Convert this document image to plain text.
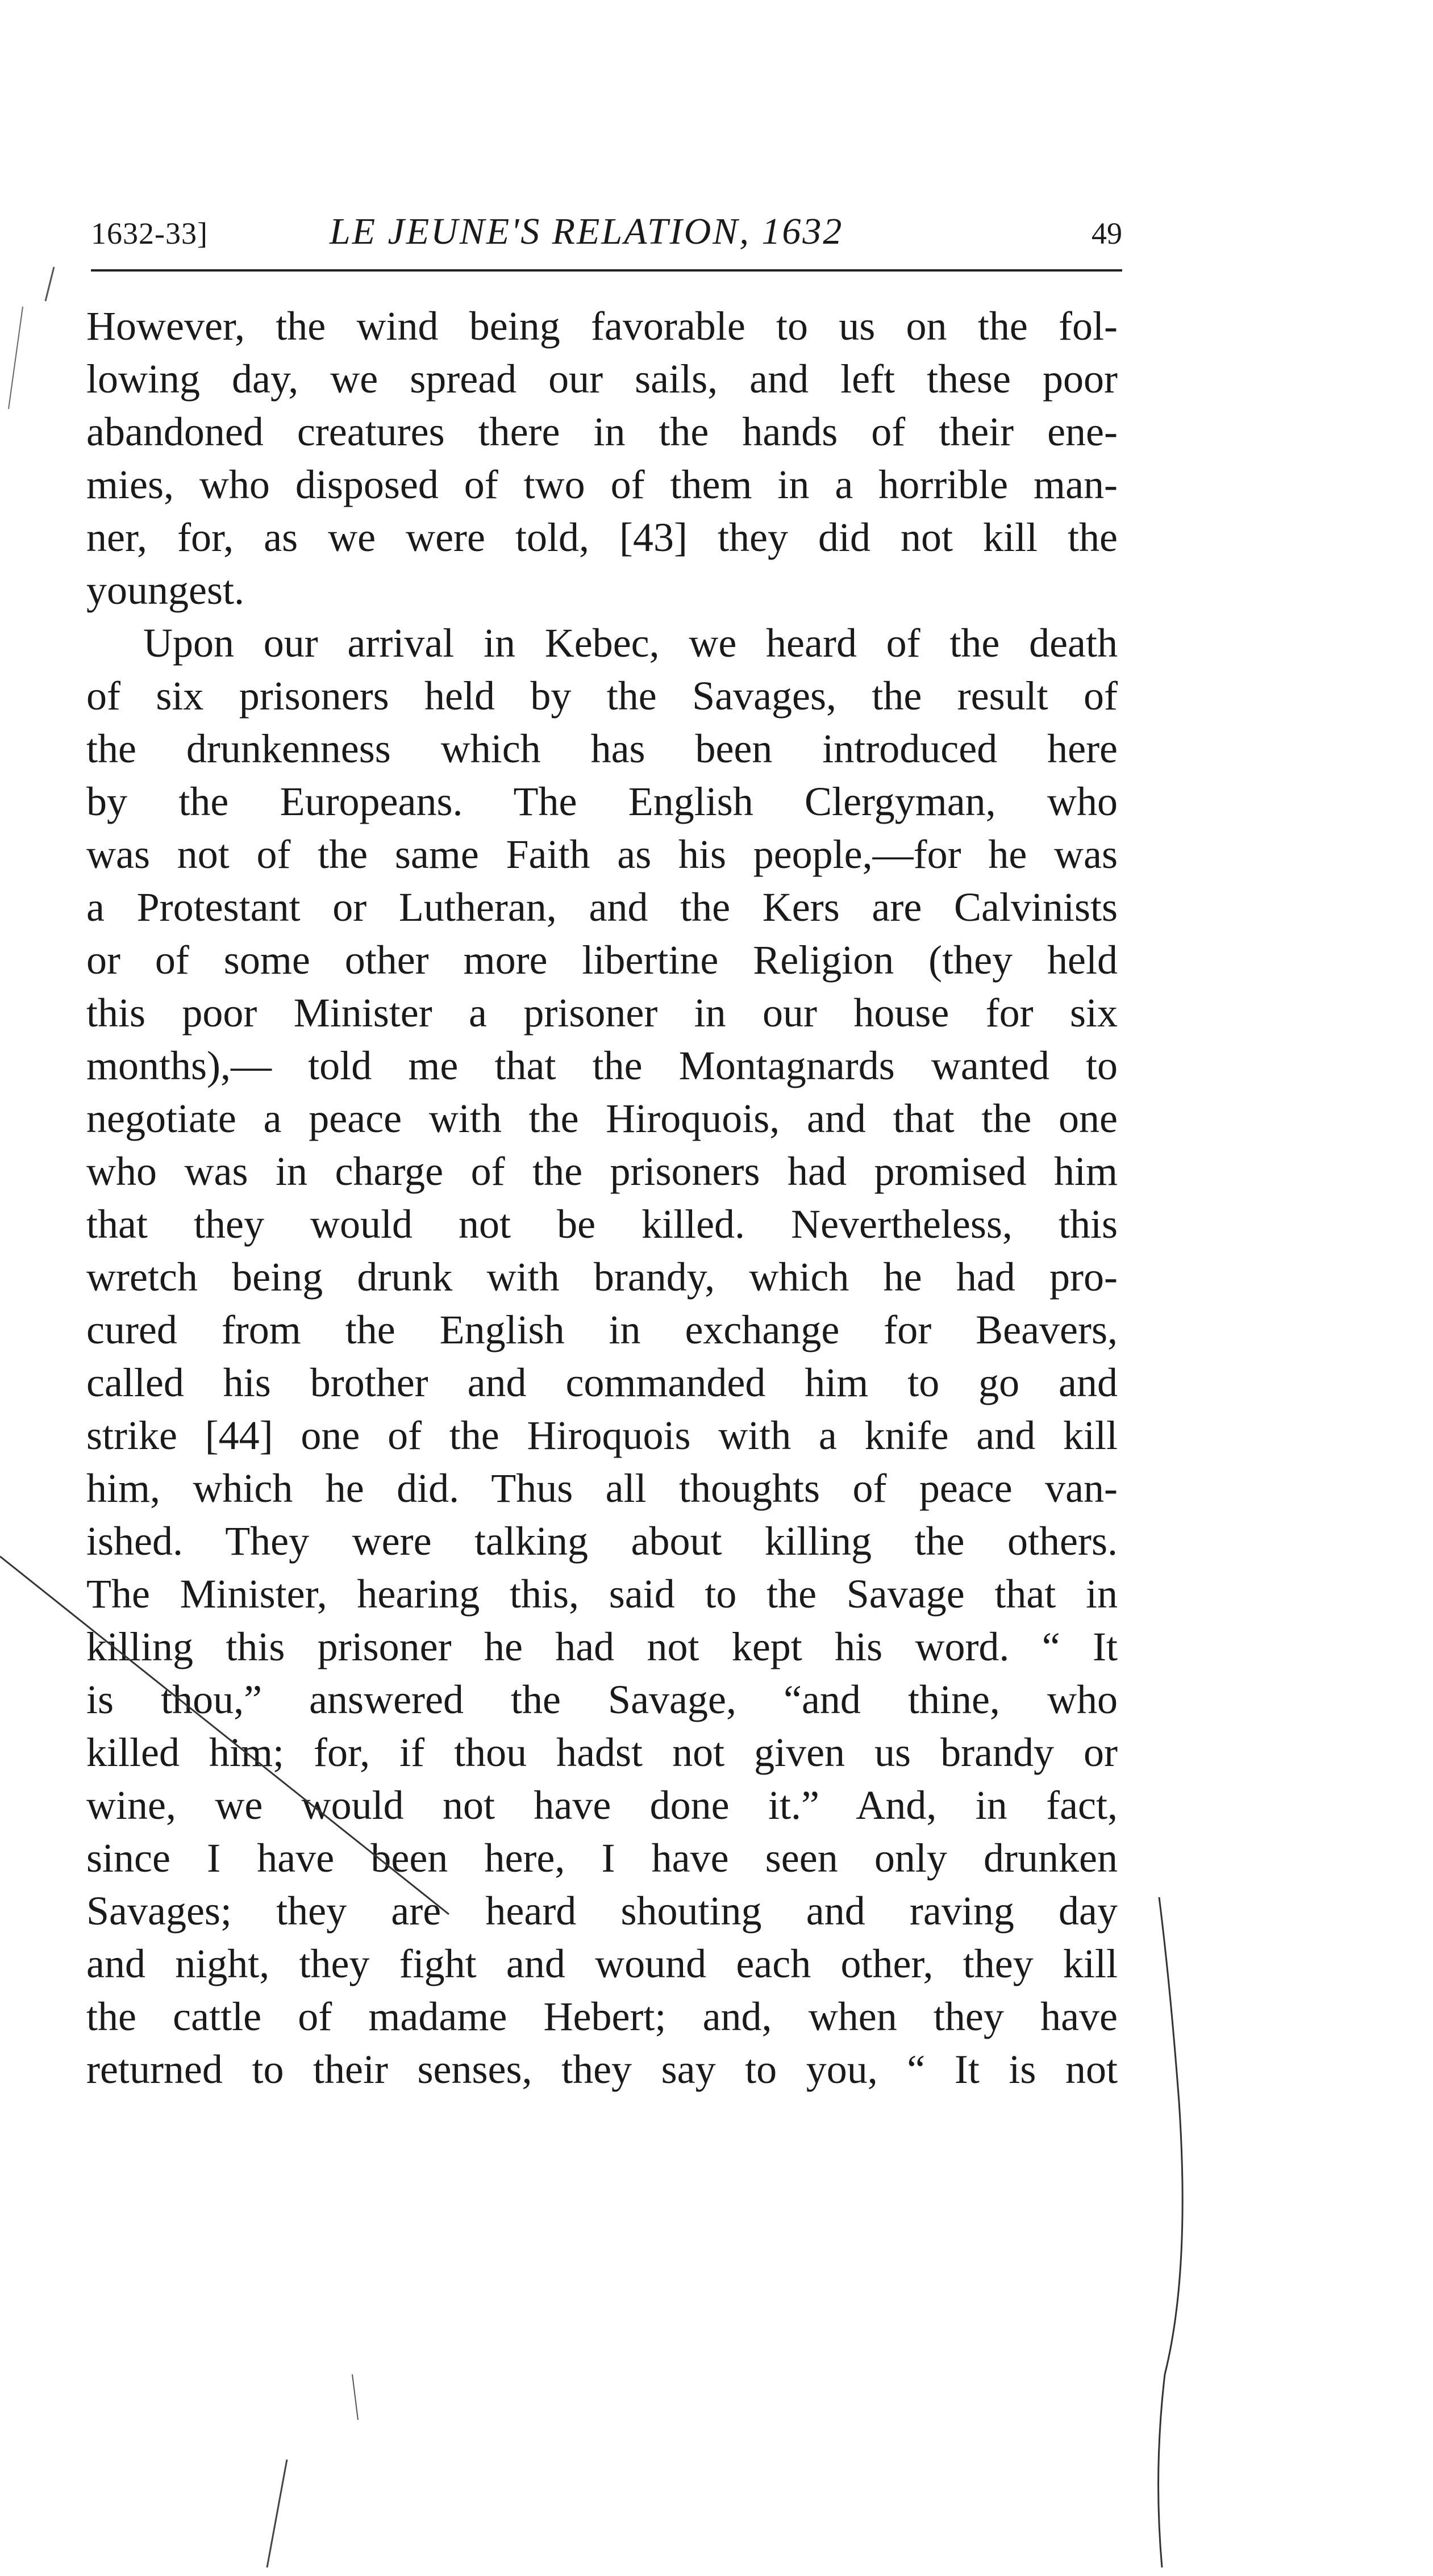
1632-33]	LE JEUNE'S RELATION, 1632	49
However, the wind being favorable to us on the fol-
lowing day, we spread our sails, and left these poor
abandoned creatures there in the hands of their ene-
mies, who disposed of two of them in a horrible man-
ner, for, as we were told, [43] they did not kill the
youngest.
Upon our arrival in Kebec, we heard of the death
of six prisoners held by the Savages, the result of
the drunkenness which has been introduced here
by the Europeans. The English Clergyman, who
was not of the same Faith as his people,—for he was
a Protestant or Lutheran, and the Kers are Calvinists
or of some other more libertine Religion (they held
this poor Minister a prisoner in our house for six
months),— told me that the Montagnards wanted to
negotiate a peace with the Hiroquois, and that the one
who was in charge of the prisoners had promised him
that they would not be killed. Nevertheless, this
wretch being drunk with brandy, which he had pro-
cured from the English in exchange for Beavers,
called his brother and commanded him to go and
strike [44] one of the Hiroquois with a knife and kill
him, which he did. Thus all thoughts of peace van-
ished. They were talking about killing the others.
The Minister, hearing this, said to the Savage that in
killing this prisoner he had not kept his word. “ It
is thou,” answered the Savage, “and thine, who
killed him; for, if thou hadst not given us brandy or
wine, we would not have done it.” And, in fact,
since I have been here, I have seen only drunken
Savages; they are heard shouting and raving day
and night, they fight and wound each other, they kill
the cattle of madame Hebert; and, when they have
returned to their senses, they say to you, “ It is not
